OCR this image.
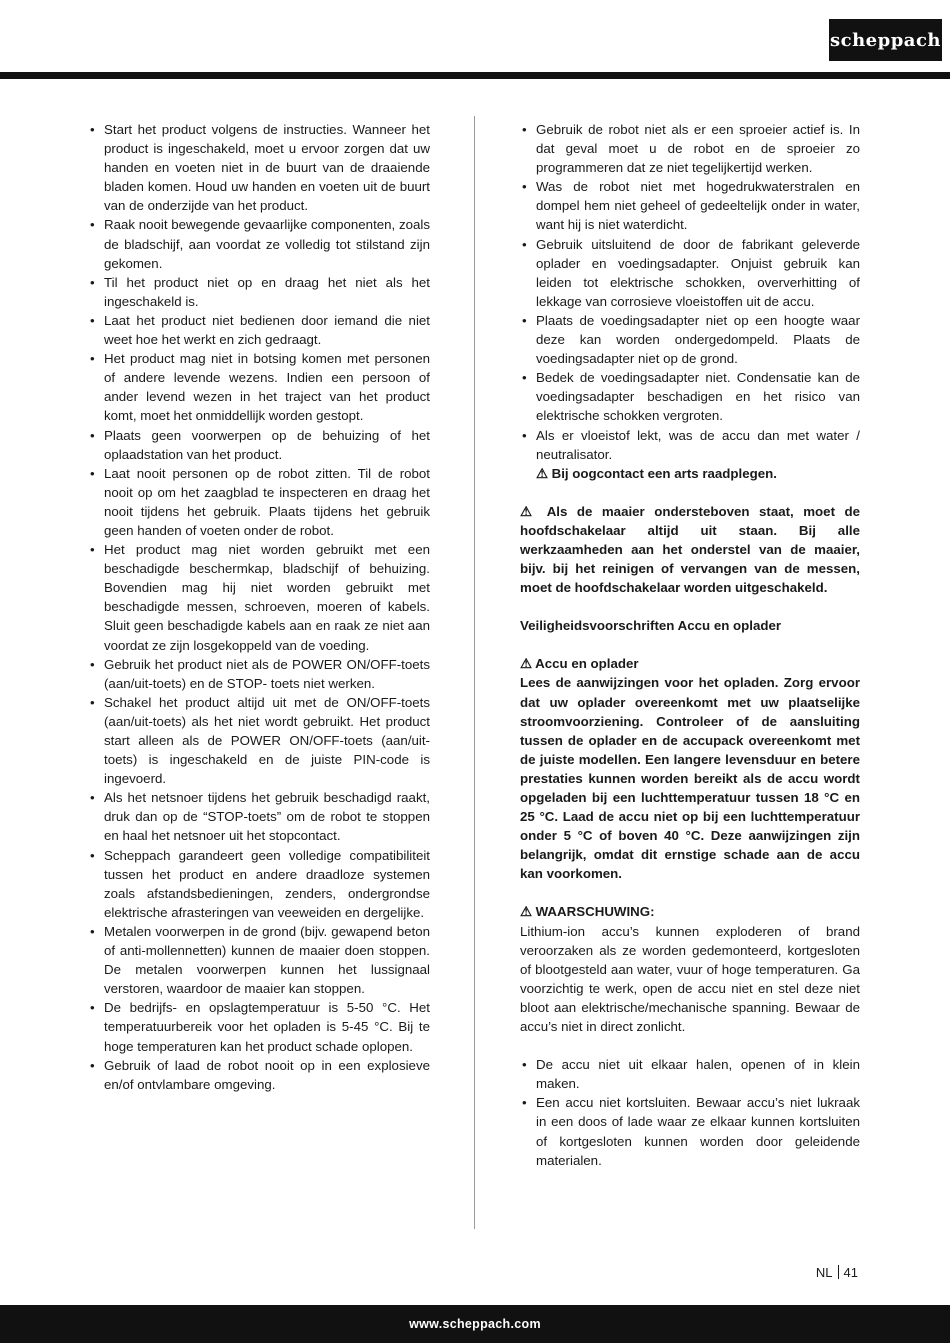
scheppach
• Start het product volgens de instructies. Wanneer het product is ingeschakeld, moet u ervoor zorgen dat uw handen en voeten niet in de buurt van de draaiende bladen komen. Houd uw handen en voeten uit de buurt van de onderzijde van het product.
• Raak nooit bewegende gevaarlijke componenten, zoals de bladschijf, aan voordat ze volledig tot stilstand zijn gekomen.
• Til het product niet op en draag het niet als het ingeschakeld is.
• Laat het product niet bedienen door iemand die niet weet hoe het werkt en zich gedraagt.
• Het product mag niet in botsing komen met personen of andere levende wezens. Indien een persoon of ander levend wezen in het traject van het product komt, moet het onmiddellijk worden gestopt.
• Plaats geen voorwerpen op de behuizing of het oplaadstation van het product.
• Laat nooit personen op de robot zitten. Til de robot nooit op om het zaagblad te inspecteren en draag het nooit tijdens het gebruik. Plaats tijdens het gebruik geen handen of voeten onder de robot.
• Het product mag niet worden gebruikt met een beschadigde beschermkap, bladschijf of behuizing. Bovendien mag hij niet worden gebruikt met beschadigde messen, schroeven, moeren of kabels. Sluit geen beschadigde kabels aan en raak ze niet aan voordat ze zijn losgekoppeld van de voeding.
• Gebruik het product niet als de POWER ON/OFF-toets (aan/uit-toets) en de STOP- toets niet werken.
• Schakel het product altijd uit met de ON/OFF-toets (aan/uit-toets) als het niet wordt gebruikt. Het product start alleen als de POWER ON/OFF-toets (aan/uit-toets) is ingeschakeld en de juiste PIN-code is ingevoerd.
• Als het netsnoer tijdens het gebruik beschadigd raakt, druk dan op de “STOP-toets” om de robot te stoppen en haal het netsnoer uit het stopcontact.
• Scheppach garandeert geen volledige compatibiliteit tussen het product en andere draadloze systemen zoals afstandsbedieningen, zenders, ondergrondse elektrische afrasteringen van veeweiden en dergelijke.
• Metalen voorwerpen in de grond (bijv. gewapend beton of anti-mollennetten) kunnen de maaier doen stoppen. De metalen voorwerpen kunnen het lussignaal verstoren, waardoor de maaier kan stoppen.
• De bedrijfs- en opslagtemperatuur is 5-50 °C. Het temperatuurbereik voor het opladen is 5-45 °C. Bij te hoge temperaturen kan het product schade oplopen.
• Gebruik of laad de robot nooit op in een explosieve en/of ontvlambare omgeving.
• Gebruik de robot niet als er een sproeier actief is. In dat geval moet u de robot en de sproeier zo programmeren dat ze niet tegelijkertijd werken.
• Was de robot niet met hogedrukwaterstralen en dompel hem niet geheel of gedeeltelijk onder in water, want hij is niet waterdicht.
• Gebruik uitsluitend de door de fabrikant geleverde oplader en voedingsadapter. Onjuist gebruik kan leiden tot elektrische schokken, oververhitting of lekkage van corrosieve vloeistoffen uit de accu.
• Plaats de voedingsadapter niet op een hoogte waar deze kan worden ondergedompeld. Plaats de voedingsadapter niet op de grond.
• Bedek de voedingsadapter niet. Condensatie kan de voedingsadapter beschadigen en het risico van elektrische schokken vergroten.
• Als er vloeistof lekt, was de accu dan met water / neutralisator.

⚠ Bij oogcontact een arts raadplegen.

⚠ Als de maaier ondersteboven staat, moet de hoofdschakelaar altijd uit staan. Bij alle werkzaamheden aan het onderstel van de maaier, bijv. bij het reinigen of vervangen van de messen, moet de hoofdschakelaar worden uitgeschakeld.

Veiligheidsvoorschriften Accu en oplader

⚠ Accu en oplader

Lees de aanwijzingen voor het opladen. Zorg ervoor dat uw oplader overeenkomt met uw plaatselijke stroomvoorziening. Controleer of de aansluiting tussen de oplader en de accupack overeenkomt met de juiste modellen. Een langere levensduur en betere prestaties kunnen worden bereikt als de accu wordt opgeladen bij een luchttemperatuur tussen 18 °C en 25 °C. Laad de accu niet op bij een luchttemperatuur onder 5 °C of boven 40 °C. Deze aanwijzingen zijn belangrijk, omdat dit ernstige schade aan de accu kan voorkomen.

⚠ WAARSCHUWING:

Lithium-ion accu’s kunnen exploderen of brand veroorzaken als ze worden gedemonteerd, kortgesloten of blootgesteld aan water, vuur of hoge temperaturen. Ga voorzichtig te werk, open de accu niet en stel deze niet bloot aan elektrische/mechanische spanning. Bewaar de accu’s niet in direct zonlicht.

• De accu niet uit elkaar halen, openen of in klein maken.
• Een accu niet kortsluiten. Bewaar accu’s niet lukraak in een doos of lade waar ze elkaar kunnen kortsluiten of kortgesloten kunnen worden door geleidende materialen.
NL 41
www.scheppach.com
